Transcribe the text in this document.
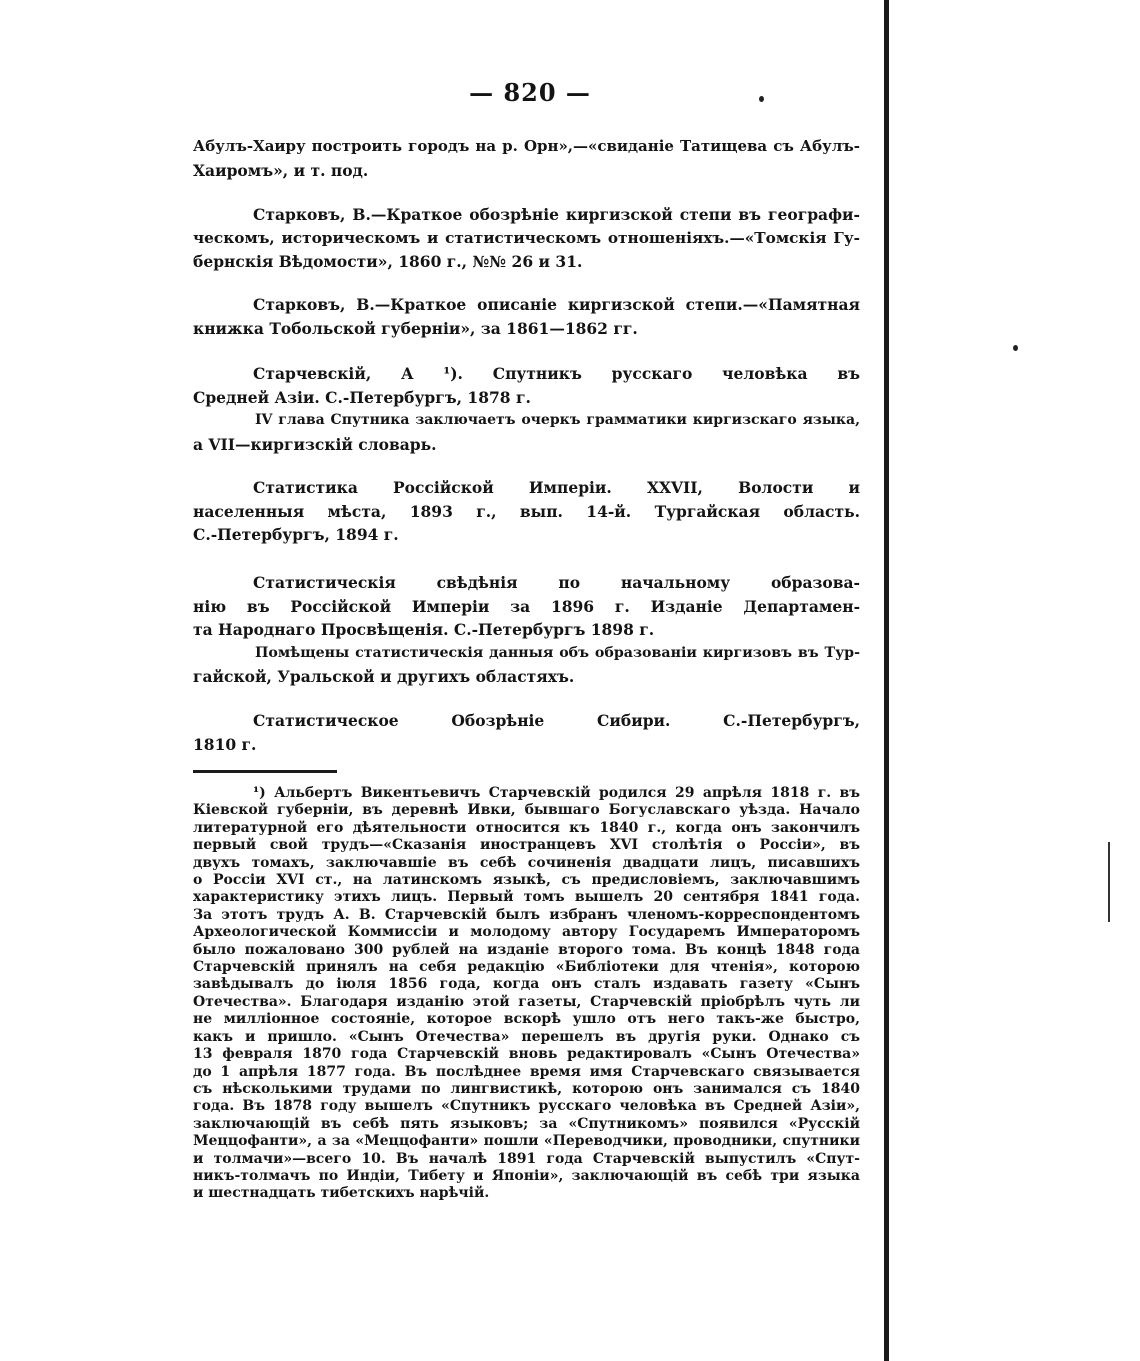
— 820 —
Абулъ-Хаиру построить городъ на р. Орн»,—«свиданіе Татищева съ Абулъ-
Хаиромъ», и т. под.
Старковъ, В.—Краткое обозрѣніе киргизской степи въ географи-
ческомъ, историческомъ и статистическомъ отношеніяхъ.—«Томскія Гу-
бернскія Вѣдомости», 1860 г., №№ 26 и 31.
Старковъ, В.—Краткое описаніе киргизской степи.—«Памятная
книжка Тобольской губерніи», за 1861—1862 гг.
Старчевскій, А ¹). Спутникъ русскаго человѣка въ
Средней Азіи. С.-Петербургъ, 1878 г.
IV глава Спутника заключаетъ очеркъ грамматики киргизскаго языка,
а VII—киргизскій словарь.
Статистика Россійской Имперіи. XXVII, Волости и
населенныя мѣста, 1893 г., вып. 14-й. Тургайская область.
С.-Петербургъ, 1894 г.
Статистическія свѣдѣнія по начальному образова-
нію въ Россійской Имперіи за 1896 г. Изданіе Департамен-
та Народнаго Просвѣщенія. С.-Петербургъ 1898 г.
Помѣщены статистическія данныя объ образованіи киргизовъ въ Тур-
гайской, Уральской и другихъ областяхъ.
Статистическое Обозрѣніе Сибири. С.-Петербургъ,
1810 г.
¹) Альбертъ Викентьевичъ Старчевскій родился 29 апрѣля 1818 г. въ
Кіевской губерніи, въ деревнѣ Ивки, бывшаго Богуславскаго уѣзда. Начало
литературной его дѣятельности относится къ 1840 г., когда онъ закончилъ
первый свой трудъ—«Сказанія иностранцевъ XVI столѣтія о Россіи», въ
двухъ томахъ, заключавшіе въ себѣ сочиненія двадцати лицъ, писавшихъ
о Россіи XVI ст., на латинскомъ языкѣ, съ предисловіемъ, заключавшимъ
характеристику этихъ лицъ. Первый томъ вышелъ 20 сентября 1841 года.
За этотъ трудъ А. В. Старчевскій былъ избранъ членомъ-корреспондентомъ
Археологической Коммиссіи и молодому автору Государемъ Императоромъ
было пожаловано 300 рублей на изданіе второго тома. Въ концѣ 1848 года
Старчевскій принялъ на себя редакцію «Библіотеки для чтенія», которою
завѣдывалъ до іюля 1856 года, когда онъ сталъ издавать газету «Сынъ
Отечества». Благодаря изданію этой газеты, Старчевскій пріобрѣлъ чуть ли
не милліонное состояніе, которое вскорѣ ушло отъ него такъ-же быстро,
какъ и пришло. «Сынъ Отечества» перешелъ въ другія руки. Однако съ
13 февраля 1870 года Старчевскій вновь редактировалъ «Сынъ Отечества»
до 1 апрѣля 1877 года. Въ послѣднее время имя Старчевскаго связывается
съ нѣсколькими трудами по лингвистикѣ, которою онъ занимался съ 1840
года. Въ 1878 году вышелъ «Спутникъ русскаго человѣка въ Средней Азіи»,
заключающій въ себѣ пять языковъ; за «Спутникомъ» появился «Русскій
Меццофанти», а за «Меццофанти» пошли «Переводчики, проводники, спутники
и толмачи»—всего 10. Въ началѣ 1891 года Старчевскій выпустилъ «Спут-
никъ-толмачъ по Индіи, Тибету и Японіи», заключающій въ себѣ три языка
и шестнадцать тибетскихъ нарѣчій.
